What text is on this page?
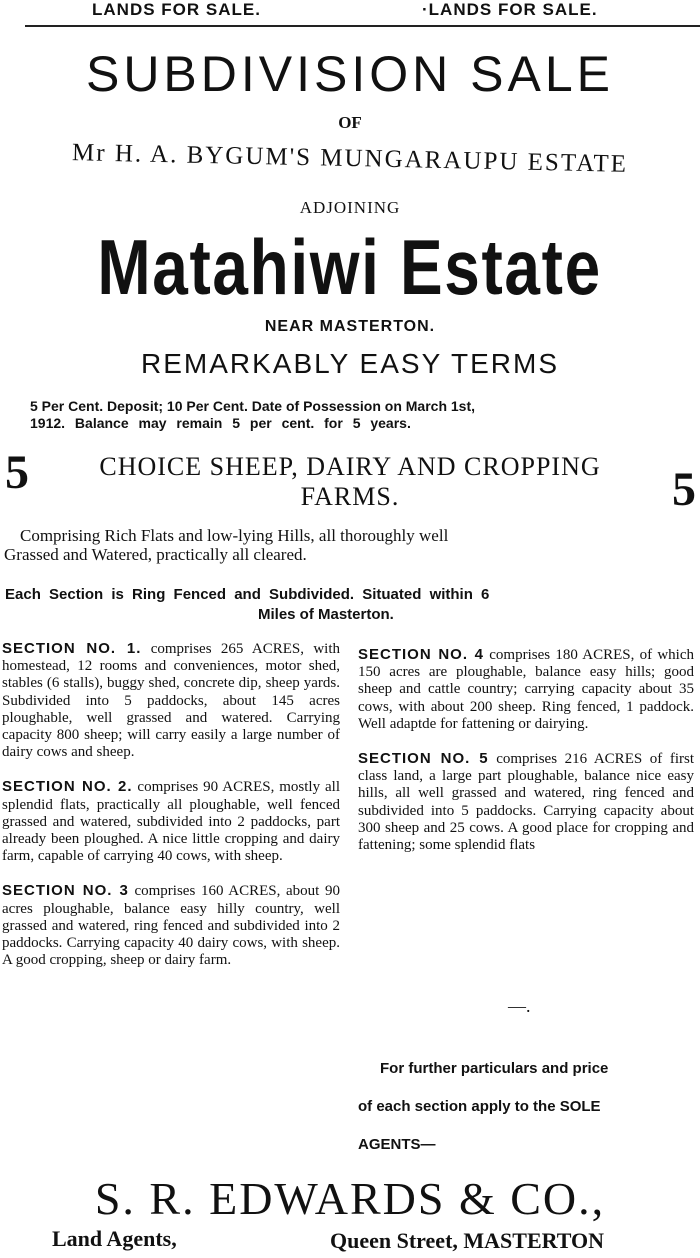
LANDS FOR SALE.	·LANDS FOR SALE.
SUBDIVISION SALE
OF
Mr H. A. BYGUM'S MUNGARAUPU ESTATE
ADJOINING
Matahiwi Estate
NEAR MASTERTON.
REMARKABLY EASY TERMS
5 Per Cent. Deposit; 10 Per Cent. Date of Possession on March 1st,
1912. Balance may remain 5 per cent. for 5 years.
5	5
CHOICE SHEEP, DAIRY AND CROPPING
FARMS.
Comprising Rich Flats and low-lying Hills, all thoroughly well
Grassed and Watered, practically all cleared.
Each Section is Ring Fenced and Subdivided. Situated within 6
Miles of Masterton.

SECTION NO. 1. comprises 265 ACRES, with homestead, 12 rooms and conveniences, motor shed, stables (6 stalls), buggy shed, concrete dip, sheep yards. Subdivided into 5 paddocks, about 145 acres ploughable, well grassed and watered. Carrying capacity 800 sheep; will carry easily a large number of dairy cows and sheep.

SECTION NO. 2. comprises 90 ACRES, mostly all splendid flats, practically all ploughable, well fenced grassed and watered, subdivided into 2 paddocks, part already been ploughed. A nice little cropping and dairy farm, capable of carrying 40 cows, with sheep.

SECTION NO. 3 comprises 160 ACRES, about 90 acres ploughable, balance easy hilly country, well grassed and watered, ring fenced and subdivided into 2 paddocks. Carrying capacity 40 dairy cows, with sheep. A good cropping, sheep or dairy farm.

SECTION NO. 4 comprises 180 ACRES, of which 150 acres are ploughable, balance easy hills; good sheep and cattle country; carrying capacity about 35 cows, with about 200 sheep. Ring fenced, 1 paddock. Well adaptde for fattening or dairying.

SECTION NO. 5 comprises 216 ACRES of first class land, a large part ploughable, balance nice easy hills, all well grassed and watered, ring fenced and subdivided into 5 paddocks. Carrying capacity about 300 sheep and 25 cows. A good place for cropping and fattening; some splendid flats

—.
For further particulars and price
of each section apply to the SOLE
AGENTS—
S. R. EDWARDS & CO.,
Land Agents,	Queen Street, MASTERTON
